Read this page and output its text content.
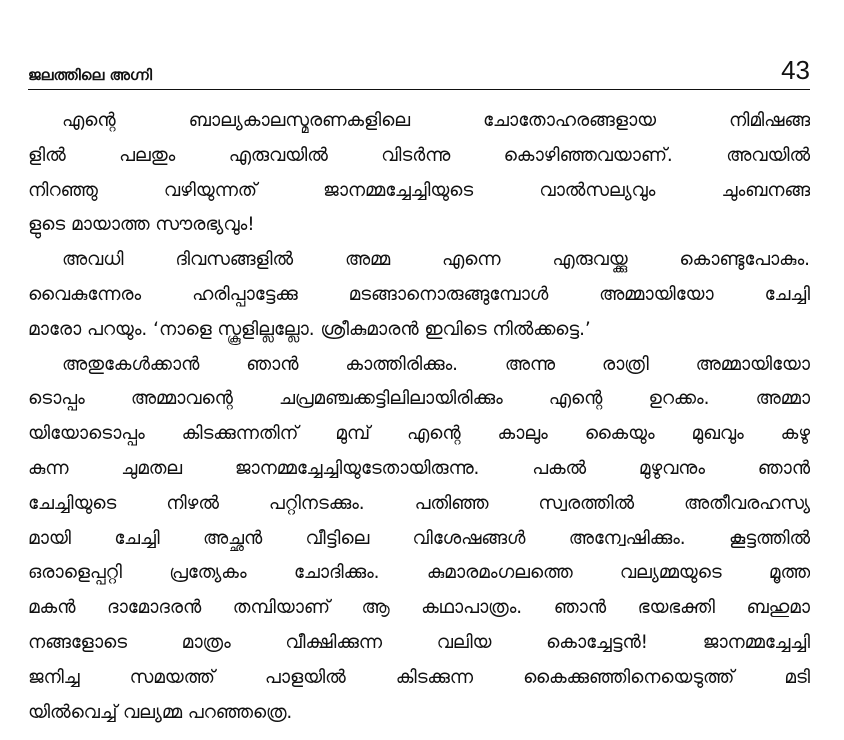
ജലത്തിലെ അഗ്നി	43
എന്റെ ബാല്യകാലസ്മരണകളിലെ ചോതോഹരങ്ങളായ നിമിഷങ്ങ
ളിൽ പലതും എരുവയിൽ വിടർന്നു കൊഴിഞ്ഞവയാണ്. അവയിൽ
നിറഞ്ഞു വഴിയുന്നത് ജാനമ്മച്ചേച്ചിയുടെ വാൽസല്യവും ചുംബനങ്ങ
ളുടെ മായാത്ത സൗരഭ്യവും!
അവധി ദിവസങ്ങളിൽ അമ്മ എന്നെ എരുവയ്ക്കു കൊണ്ടുപോകും.
വൈകുന്നേരം ഹരിപ്പാട്ടേക്കു മടങ്ങാനൊരുങ്ങുമ്പോൾ അമ്മായിയോ ചേച്ചി
മാരോ പറയും. ‘നാളെ സ്കൂളില്ലല്ലോ. ശ്രീകുമാരൻ ഇവിടെ നിൽക്കട്ടെ.’
അതുകേൾക്കാൻ ഞാൻ കാത്തിരിക്കും. അന്നു രാത്രി അമ്മായിയോ
ടൊപ്പം അമ്മാവന്റെ ചപ്രമഞ്ചക്കട്ടിലിലായിരിക്കും എന്റെ ഉറക്കം. അമ്മാ
യിയോടൊപ്പം കിടക്കുന്നതിന് മുമ്പ് എന്റെ കാലും കൈയും മുഖവും കഴു
കുന്ന ചുമതല ജാനമ്മച്ചേച്ചിയുടേതായിരുന്നു. പകൽ മുഴുവനും ഞാൻ
ചേച്ചിയുടെ നിഴൽ പറ്റിനടക്കും. പതിഞ്ഞ സ്വരത്തിൽ അതീവരഹസ്യ
മായി ചേച്ചി അച്ഛൻ വീട്ടിലെ വിശേഷങ്ങൾ അന്വേഷിക്കും. കൂട്ടത്തിൽ
ഒരാളെപ്പറ്റി പ്രത്യേകം ചോദിക്കും. കുമാരമംഗലത്തെ വല്യമ്മയുടെ മൂത്ത
മകൻ ദാമോദരൻ തമ്പിയാണ് ആ കഥാപാത്രം. ഞാൻ ഭയഭക്തി ബഹുമാ
നങ്ങളോടെ മാത്രം വീക്ഷിക്കുന്ന വലിയ കൊച്ചേട്ടൻ! ജാനമ്മച്ചേച്ചി
ജനിച്ച സമയത്ത് പാളയിൽ കിടക്കുന്ന കൈക്കുഞ്ഞിനെയെടുത്ത് മടി
യിൽവെച്ച് വല്യമ്മ പറഞ്ഞത്രെ.
